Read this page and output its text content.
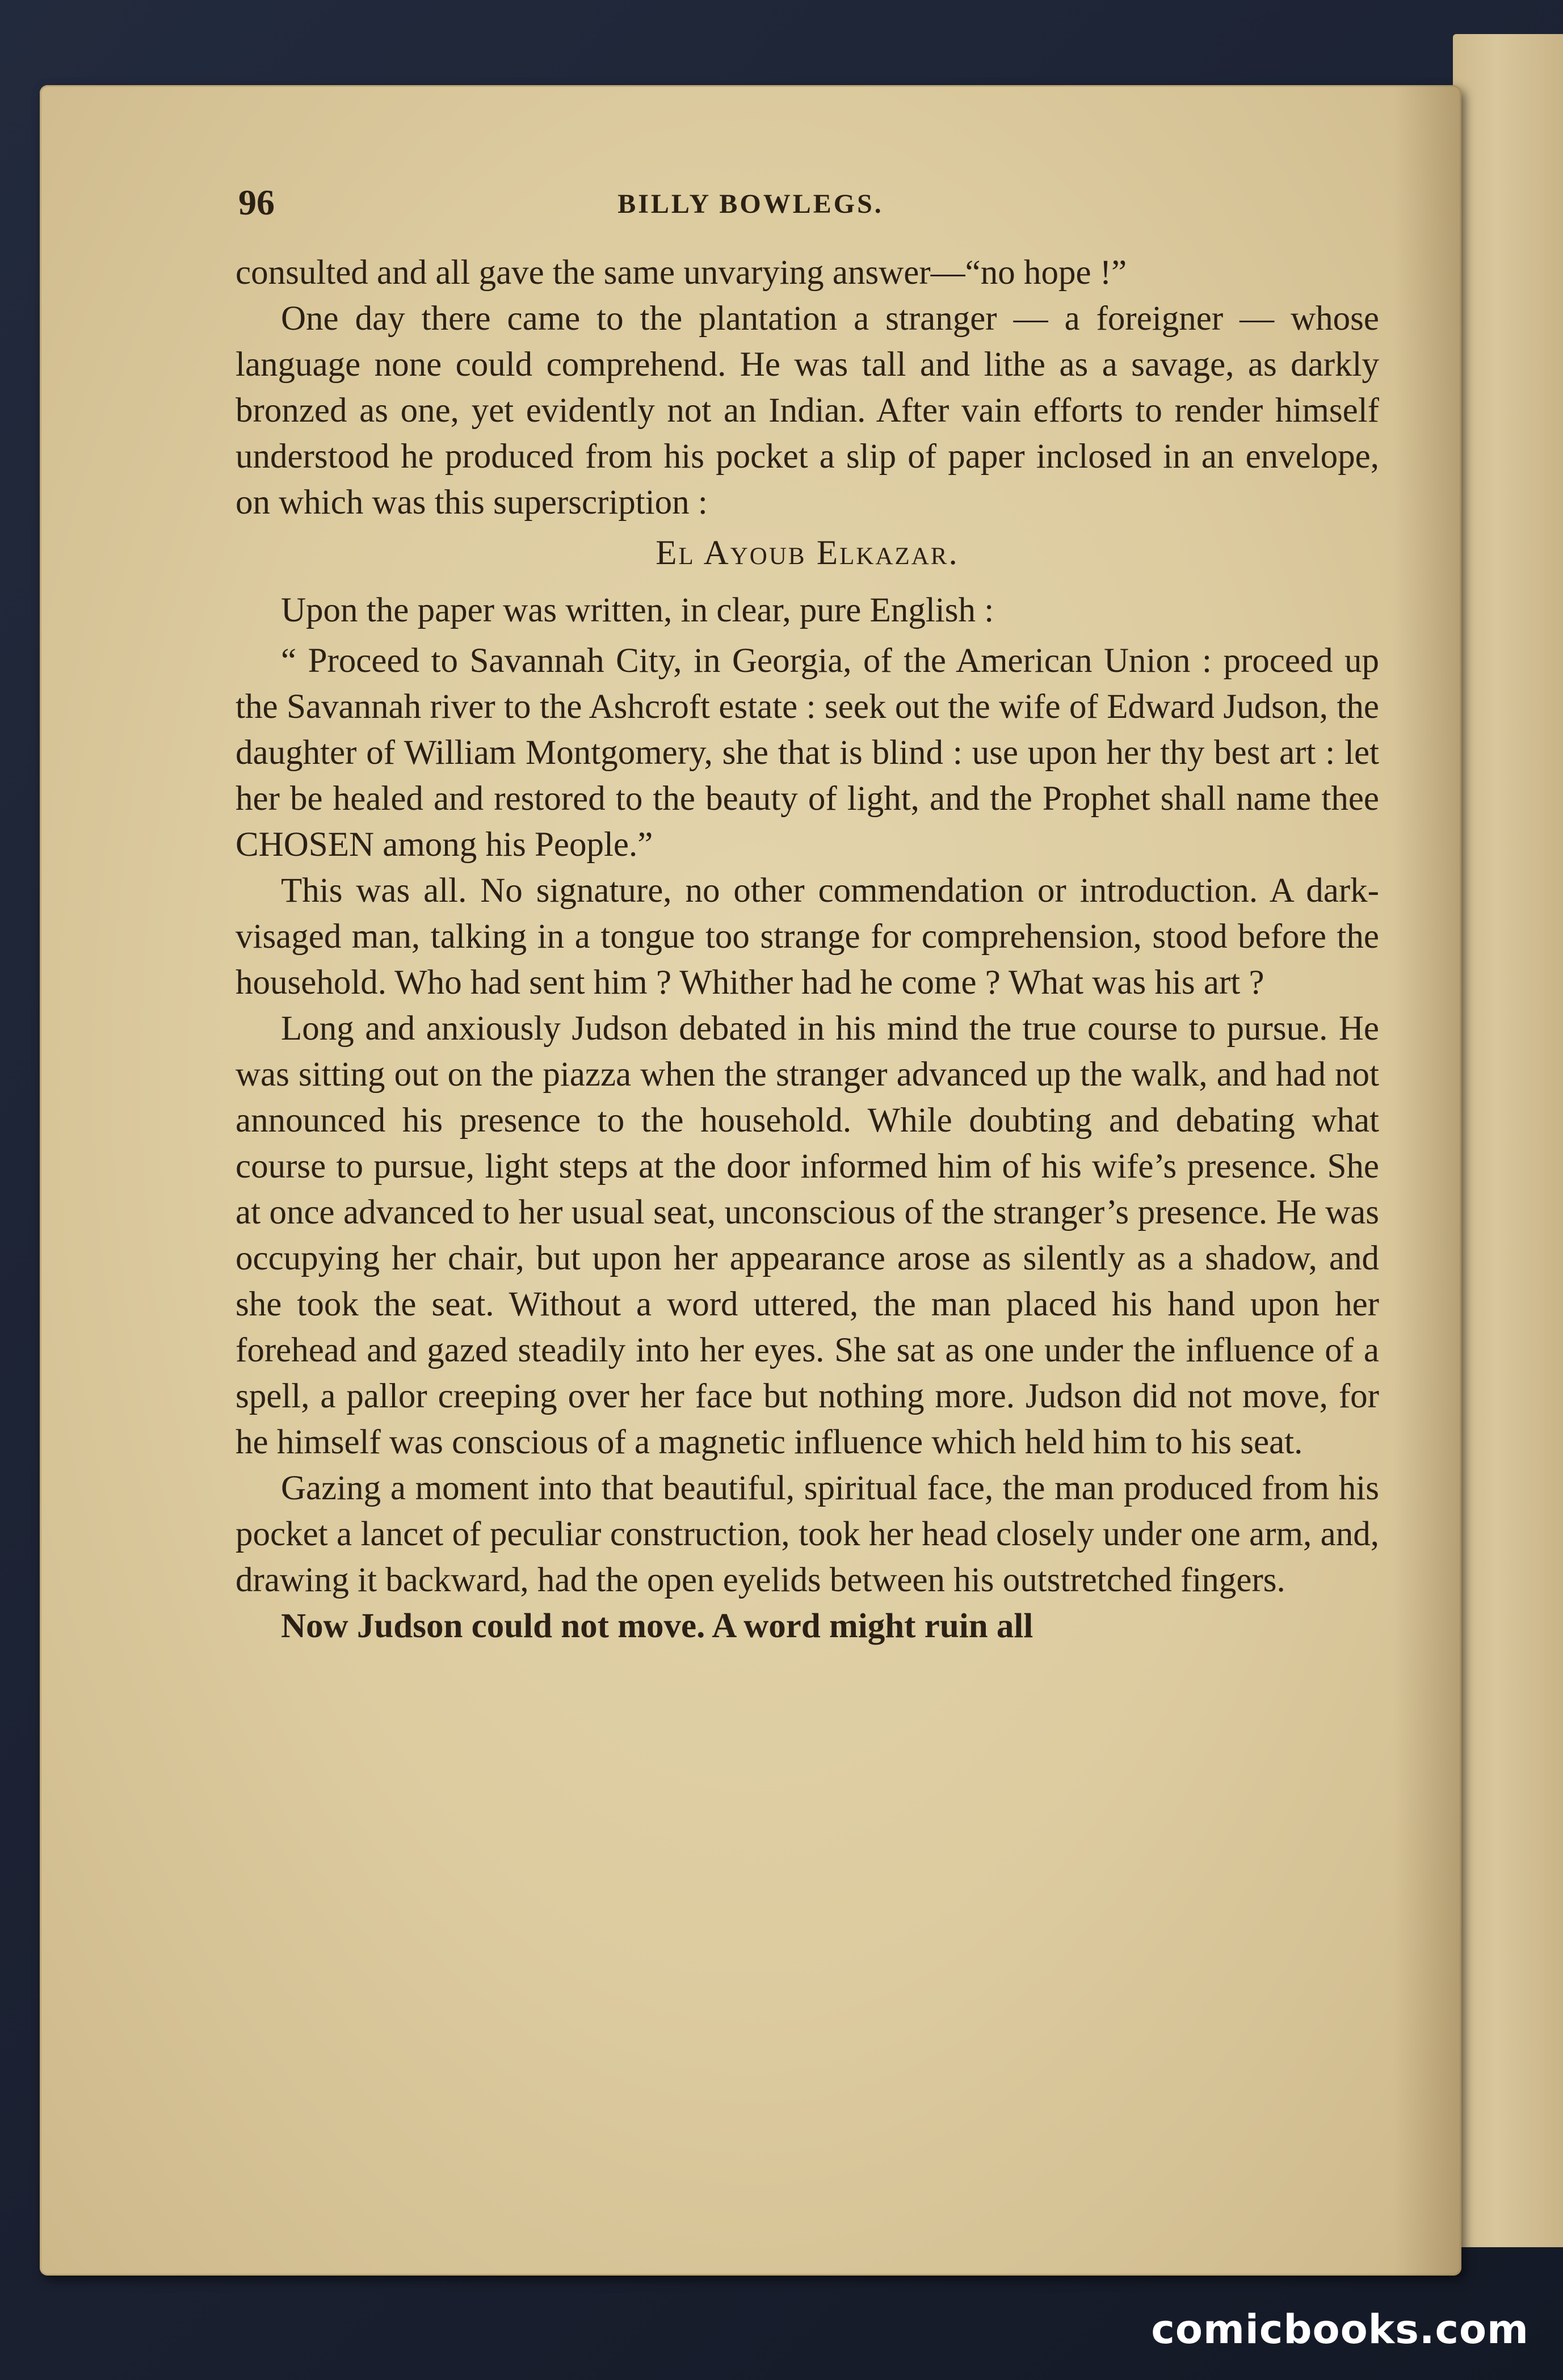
96	BILLY BOWLEGS.

consulted and all gave the same unvarying answer—“no hope !”

One day there came to the plantation a stranger — a foreigner — whose language none could comprehend. He was tall and lithe as a savage, as darkly bronzed as one, yet evidently not an Indian. After vain efforts to render himself understood he produced from his pocket a slip of paper inclosed in an envelope, on which was this superscription :

El Ayoub Elkazar.

Upon the paper was written, in clear, pure English :

“ Proceed to Savannah City, in Georgia, of the American Union : proceed up the Savannah river to the Ashcroft estate : seek out the wife of Edward Judson, the daughter of William Montgomery, she that is blind : use upon her thy best art : let her be healed and restored to the beauty of light, and the Prophet shall name thee CHOSEN among his People.”

This was all. No signature, no other commendation or introduction. A dark-visaged man, talking in a tongue too strange for comprehension, stood before the household. Who had sent him ? Whither had he come ? What was his art ?

Long and anxiously Judson debated in his mind the true course to pursue. He was sitting out on the piazza when the stranger advanced up the walk, and had not announced his presence to the household. While doubting and debating what course to pursue, light steps at the door informed him of his wife’s presence. She at once advanced to her usual seat, unconscious of the stranger’s presence. He was occupying her chair, but upon her appearance arose as silently as a shadow, and she took the seat. Without a word uttered, the man placed his hand upon her forehead and gazed steadily into her eyes. She sat as one under the influence of a spell, a pallor creeping over her face but nothing more. Judson did not move, for he himself was conscious of a magnetic influence which held him to his seat.

Gazing a moment into that beautiful, spiritual face, the man produced from his pocket a lancet of peculiar construction, took her head closely under one arm, and, drawing it backward, had the open eyelids between his outstretched fingers.

Now Judson could not move. A word might ruin all

comicbooks.com
